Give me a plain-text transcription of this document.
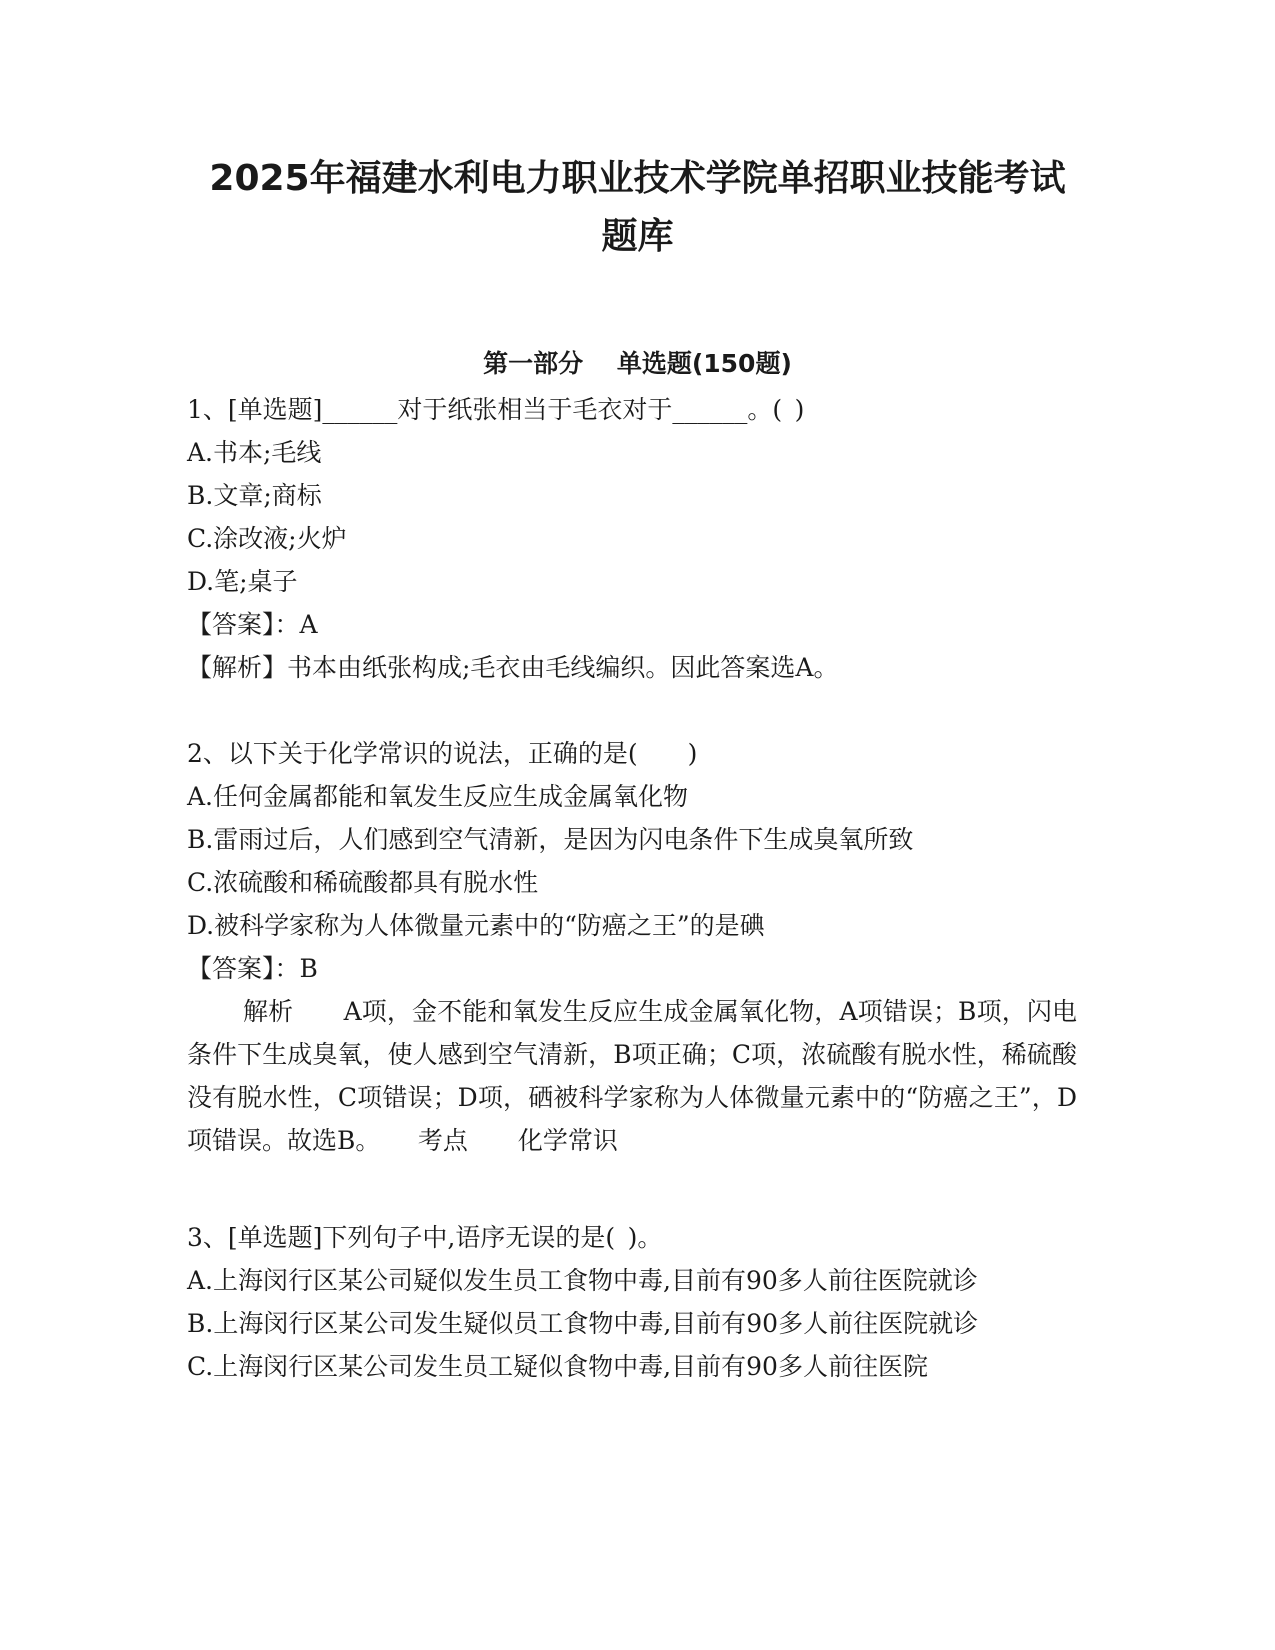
2025年福建水利电力职业技术学院单招职业技能考试
题库
第一部分　 单选题(150题)
1、[单选题]______对于纸张相当于毛衣对于______。( )
A.书本;毛线
B.文章;商标
C.涂改液;火炉
D.笔;桌子
【答案】：A
【解析】书本由纸张构成;毛衣由毛线编织。因此答案选A。
2、以下关于化学常识的说法，正确的是(　　)
A.任何金属都能和氧发生反应生成金属氧化物
B.雷雨过后，人们感到空气清新，是因为闪电条件下生成臭氧所致
C.浓硫酸和稀硫酸都具有脱水性
D.被科学家称为人体微量元素中的“防癌之王”的是碘
【答案】：B
解析　　A项，金不能和氧发生反应生成金属氧化物，A项错误；B项，闪电条件下生成臭氧，使人感到空气清新，B项正确；C项，浓硫酸有脱水性，稀硫酸没有脱水性，C项错误；D项，硒被科学家称为人体微量元素中的“防癌之王”，D项错误。故选B。　　考点　　化学常识
3、[单选题]下列句子中,语序无误的是( )。
A.上海闵行区某公司疑似发生员工食物中毒,目前有90多人前往医院就诊
B.上海闵行区某公司发生疑似员工食物中毒,目前有90多人前往医院就诊
C.上海闵行区某公司发生员工疑似食物中毒,目前有90多人前往医院
